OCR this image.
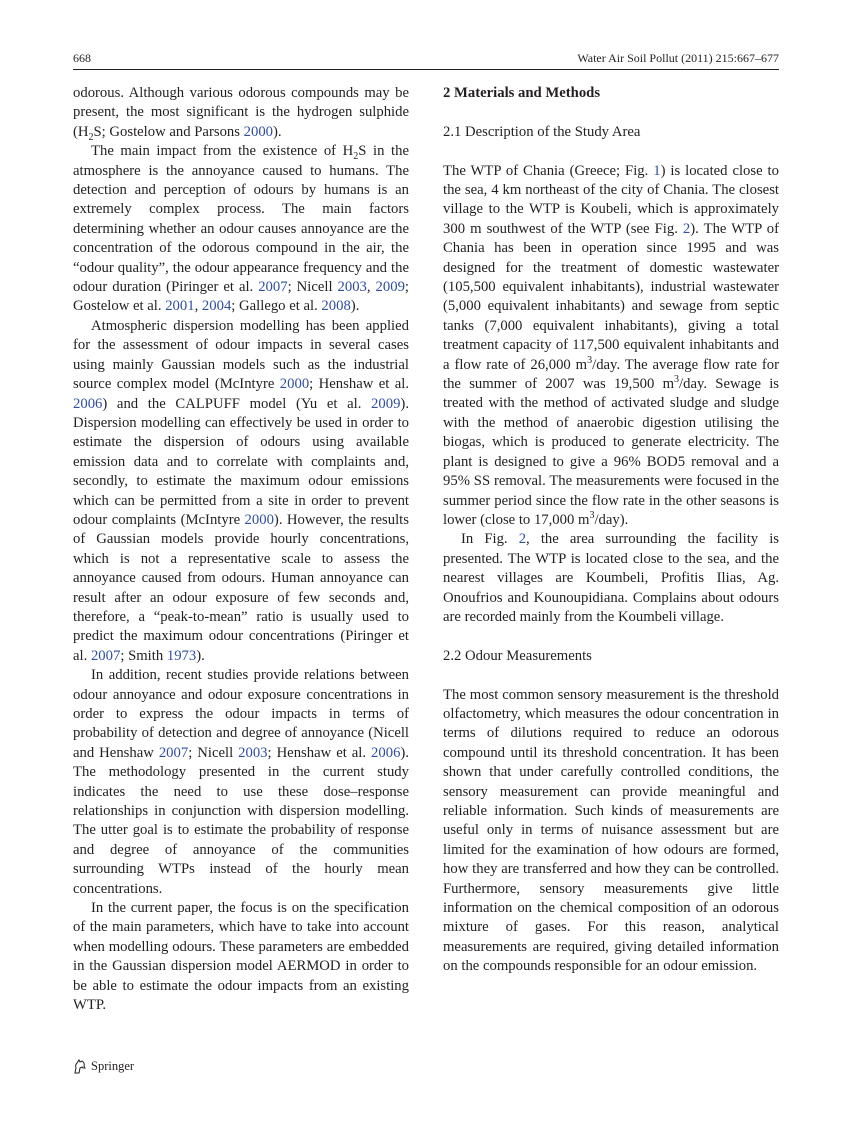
668	Water Air Soil Pollut (2011) 215:667–677

odorous. Although various odorous compounds may be present, the most significant is the hydrogen sulphide ($H_2S$; Gostelow and Parsons 2000).

The main impact from the existence of $H_2S$ in the atmosphere is the annoyance caused to humans. The detection and perception of odours by humans is an extremely complex process. The main factors determining whether an odour causes annoyance are the concentration of the odorous compound in the air, the “odour quality”, the odour appearance frequency and the odour duration (Piringer et al. 2007; Nicell 2003, 2009; Gostelow et al. 2001, 2004; Gallego et al. 2008).

Atmospheric dispersion modelling has been applied for the assessment of odour impacts in several cases using mainly Gaussian models such as the industrial source complex model (McIntyre 2000; Henshaw et al. 2006) and the CALPUFF model (Yu et al. 2009). Dispersion modelling can effectively be used in order to estimate the dispersion of odours using available emission data and to correlate with complaints and, secondly, to estimate the maximum odour emissions which can be permitted from a site in order to prevent odour complaints (McIntyre 2000). However, the results of Gaussian models provide hourly concentrations, which is not a representative scale to assess the annoyance caused from odours. Human annoyance can result after an odour exposure of few seconds and, therefore, a “peak-to-mean” ratio is usually used to predict the maximum odour concentrations (Piringer et al. 2007; Smith 1973).

In addition, recent studies provide relations between odour annoyance and odour exposure concentrations in order to express the odour impacts in terms of probability of detection and degree of annoyance (Nicell and Henshaw 2007; Nicell 2003; Henshaw et al. 2006). The methodology presented in the current study indicates the need to use these dose–response relationships in conjunction with dispersion modelling. The utter goal is to estimate the probability of response and degree of annoyance of the communities surrounding WTPs instead of the hourly mean concentrations.

In the current paper, the focus is on the specification of the main parameters, which have to take into account when modelling odours. These parameters are embedded in the Gaussian dispersion model AERMOD in order to be able to estimate the odour impacts from an existing WTP.

2 Materials and Methods

2.1 Description of the Study Area

The WTP of Chania (Greece; Fig. 1) is located close to the sea, 4 km northeast of the city of Chania. The closest village to the WTP is Koubeli, which is approximately 300 m southwest of the WTP (see Fig. 2). The WTP of Chania has been in operation since 1995 and was designed for the treatment of domestic wastewater (105,500 equivalent inhabitants), industrial wastewater (5,000 equivalent inhabitants) and sewage from septic tanks (7,000 equivalent inhabitants), giving a total treatment capacity of 117,500 equivalent inhabitants and a flow rate of 26,000 $m^3$/day. The average flow rate for the summer of 2007 was 19,500 $m^3$/day. Sewage is treated with the method of activated sludge and sludge with the method of anaerobic digestion utilising the biogas, which is produced to generate electricity. The plant is designed to give a 96% BOD5 removal and a 95% SS removal. The measurements were focused in the summer period since the flow rate in the other seasons is lower (close to 17,000 $m^3/day$).

In Fig. 2, the area surrounding the facility is presented. The WTP is located close to the sea, and the nearest villages are Koumbeli, Profitis Ilias, Ag. Onoufrios and Kounoupidiana. Complains about odours are recorded mainly from the Koumbeli village.

2.2 Odour Measurements

The most common sensory measurement is the threshold olfactometry, which measures the odour concentration in terms of dilutions required to reduce an odorous compound until its threshold concentration. It has been shown that under carefully controlled conditions, the sensory measurement can provide meaningful and reliable information. Such kinds of measurements are useful only in terms of nuisance assessment but are limited for the examination of how odours are formed, how they are transferred and how they can be controlled. Furthermore, sensory measurements give little information on the chemical composition of an odorous mixture of gases. For this reason, analytical measurements are required, giving detailed information on the compounds responsible for an odour emission.

Springer
